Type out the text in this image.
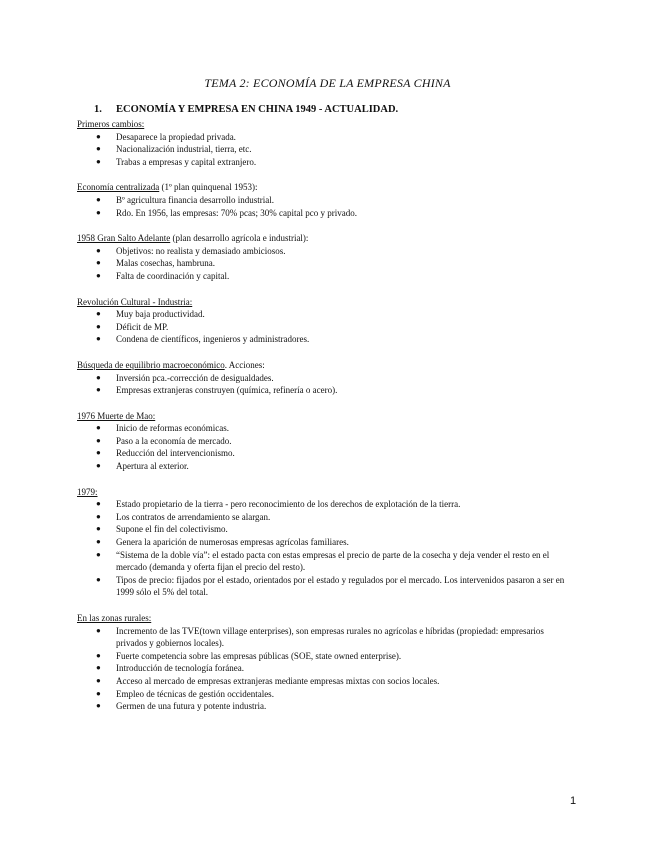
TEMA 2: ECONOMÍA DE LA EMPRESA CHINA
1. ECONOMÍA Y EMPRESA EN CHINA 1949 - ACTUALIDAD.

Primeros cambios:

● Desaparece la propiedad privada.
● Nacionalización industrial, tierra, etc.
● Trabas a empresas y capital extranjero.

Economía centralizada (1º plan quinquenal 1953):

● Bº agricultura financia desarrollo industrial.
● Rdo. En 1956, las empresas: 70% pcas; 30% capital pco y privado.

1958 Gran Salto Adelante (plan desarrollo agrícola e industrial):

● Objetivos: no realista y demasiado ambiciosos.
● Malas cosechas, hambruna.
● Falta de coordinación y capital.

Revolución Cultural - Industria:

● Muy baja productividad.
● Déficit de MP.
● Condena de científicos, ingenieros y administradores.

Búsqueda de equilibrio macroeconómico. Acciones:

● Inversión pca.-corrección de desigualdades.
● Empresas extranjeras construyen (química, refinería o acero).

1976 Muerte de Mao:

● Inicio de reformas económicas.
● Paso a la economía de mercado.
● Reducción del intervencionismo.
● Apertura al exterior.

1979:

● Estado propietario de la tierra - pero reconocimiento de los derechos de explotación de la tierra.
● Los contratos de arrendamiento se alargan.
● Supone el fin del colectivismo.
● Genera la aparición de numerosas empresas agrícolas familiares.
● “Sistema de la doble vía”: el estado pacta con estas empresas el precio de parte de la cosecha y deja vender el resto en el mercado (demanda y oferta fijan el precio del resto).
● Tipos de precio: fijados por el estado, orientados por el estado y regulados por el mercado. Los intervenidos pasaron a ser en 1999 sólo el 5% del total.

En las zonas rurales:

● Incremento de las TVE(town village enterprises), son empresas rurales no agrícolas e híbridas (propiedad: empresarios privados y gobiernos locales).
● Fuerte competencia sobre las empresas públicas (SOE, state owned enterprise).
● Introducción de tecnología foránea.
● Acceso al mercado de empresas extranjeras mediante empresas mixtas con socios locales.
● Empleo de técnicas de gestión occidentales.
● Germen de una futura y potente industria.
1
